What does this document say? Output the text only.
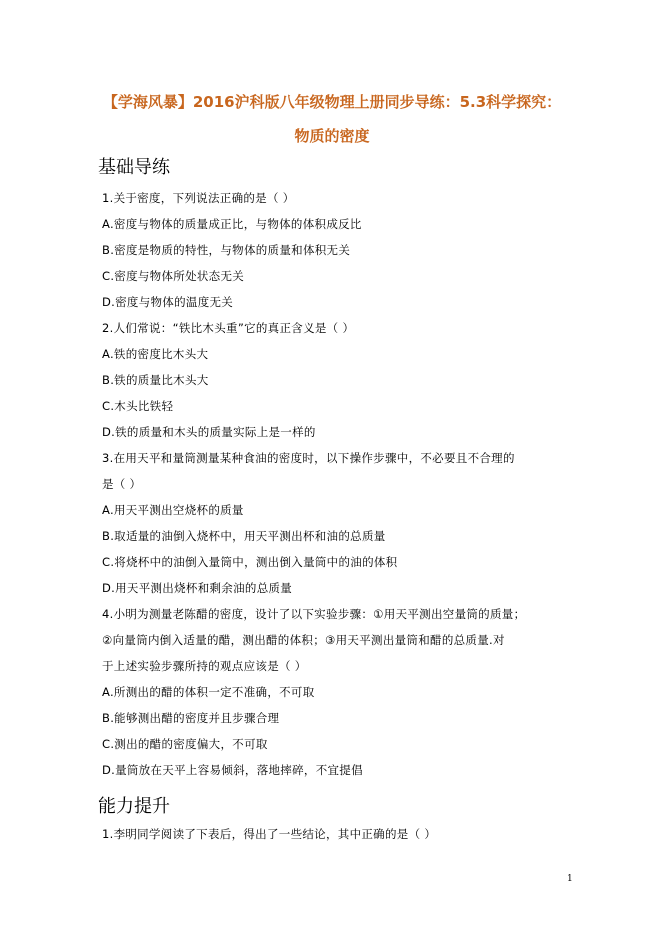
【学海风暴】2016沪科版八年级物理上册同步导练：5.3科学探究：
物质的密度
基础导练
1.关于密度，下列说法正确的是（ ）
A.密度与物体的质量成正比，与物体的体积成反比
B.密度是物质的特性，与物体的质量和体积无关
C.密度与物体所处状态无关
D.密度与物体的温度无关
2.人们常说：“铁比木头重”它的真正含义是（ ）
A.铁的密度比木头大
B.铁的质量比木头大
C.木头比铁轻
D.铁的质量和木头的质量实际上是一样的
3.在用天平和量筒测量某种食油的密度时，以下操作步骤中，不必要且不合理的
是（ ）
A.用天平测出空烧杯的质量
B.取适量的油倒入烧杯中，用天平测出杯和油的总质量
C.将烧杯中的油倒入量筒中，测出倒入量筒中的油的体积
D.用天平测出烧杯和剩余油的总质量
4.小明为测量老陈醋的密度，设计了以下实验步骤：①用天平测出空量筒的质量；
②向量筒内倒入适量的醋，测出醋的体积；③用天平测出量筒和醋的总质量.对
于上述实验步骤所持的观点应该是（ ）
A.所测出的醋的体积一定不准确，不可取
B.能够测出醋的密度并且步骤合理
C.测出的醋的密度偏大，不可取
D.量筒放在天平上容易倾斜，落地摔碎，不宜提倡
能力提升
1.李明同学阅读了下表后，得出了一些结论，其中正确的是（ ）
1
